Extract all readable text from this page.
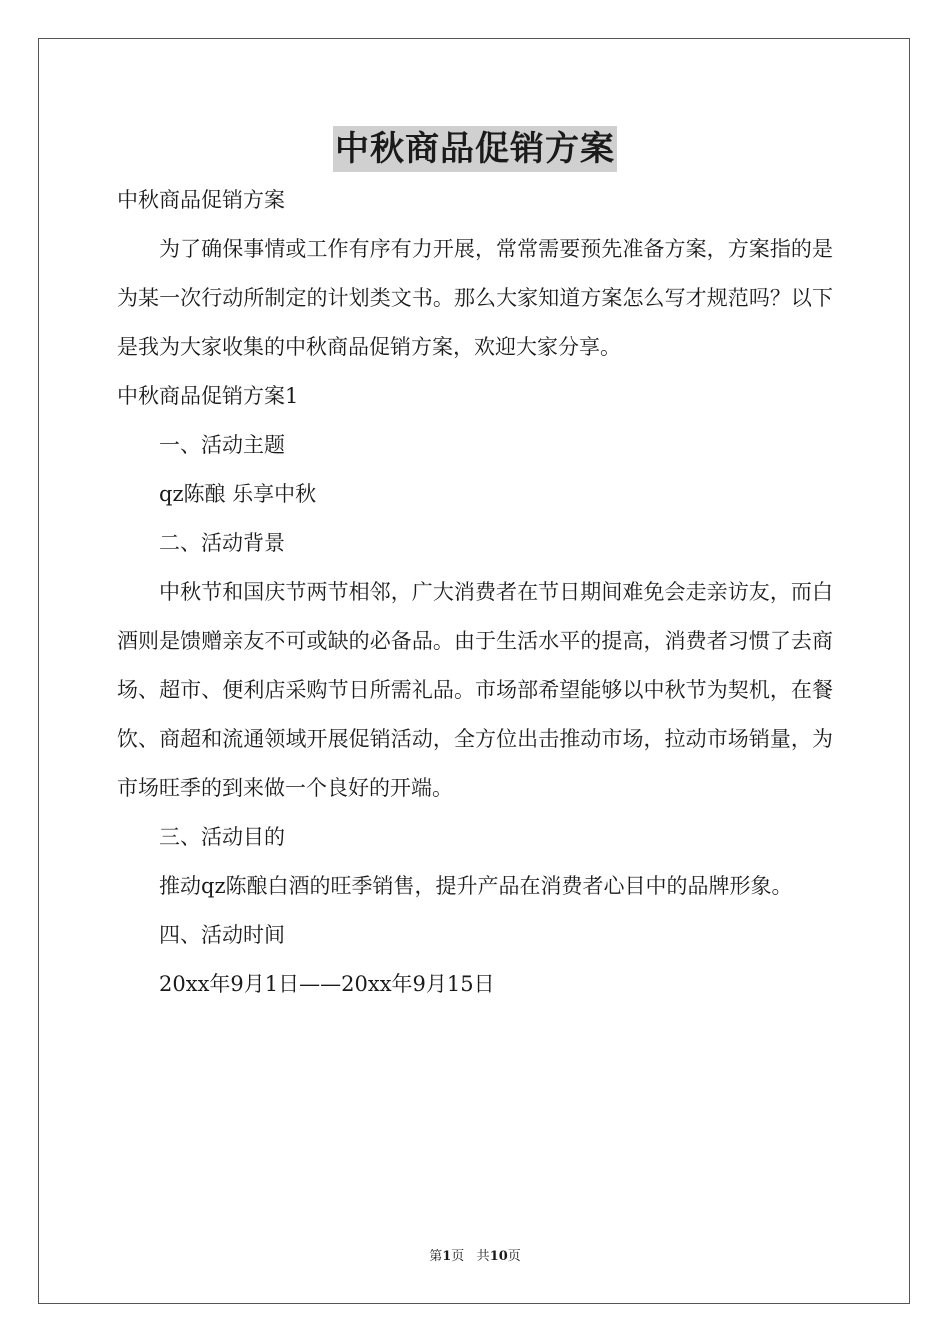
中秋商品促销方案

中秋商品促销方案

为了确保事情或工作有序有力开展，常常需要预先准备方案，方案指的是为某一次行动所制定的计划类文书。那么大家知道方案怎么写才规范吗？以下是我为大家收集的中秋商品促销方案，欢迎大家分享。

中秋商品促销方案1

一、活动主题

qz陈酿 乐享中秋

二、活动背景

中秋节和国庆节两节相邻，广大消费者在节日期间难免会走亲访友，而白酒则是馈赠亲友不可或缺的必备品。由于生活水平的提高，消费者习惯了去商场、超市、便利店采购节日所需礼品。市场部希望能够以中秋节为契机，在餐饮、商超和流通领域开展促销活动，全方位出击推动市场，拉动市场销量，为市场旺季的到来做一个良好的开端。

三、活动目的

推动qz陈酿白酒的旺季销售，提升产品在消费者心目中的品牌形象。

四、活动时间

20xx年9月1日——20xx年9月15日

第1页 共10页
